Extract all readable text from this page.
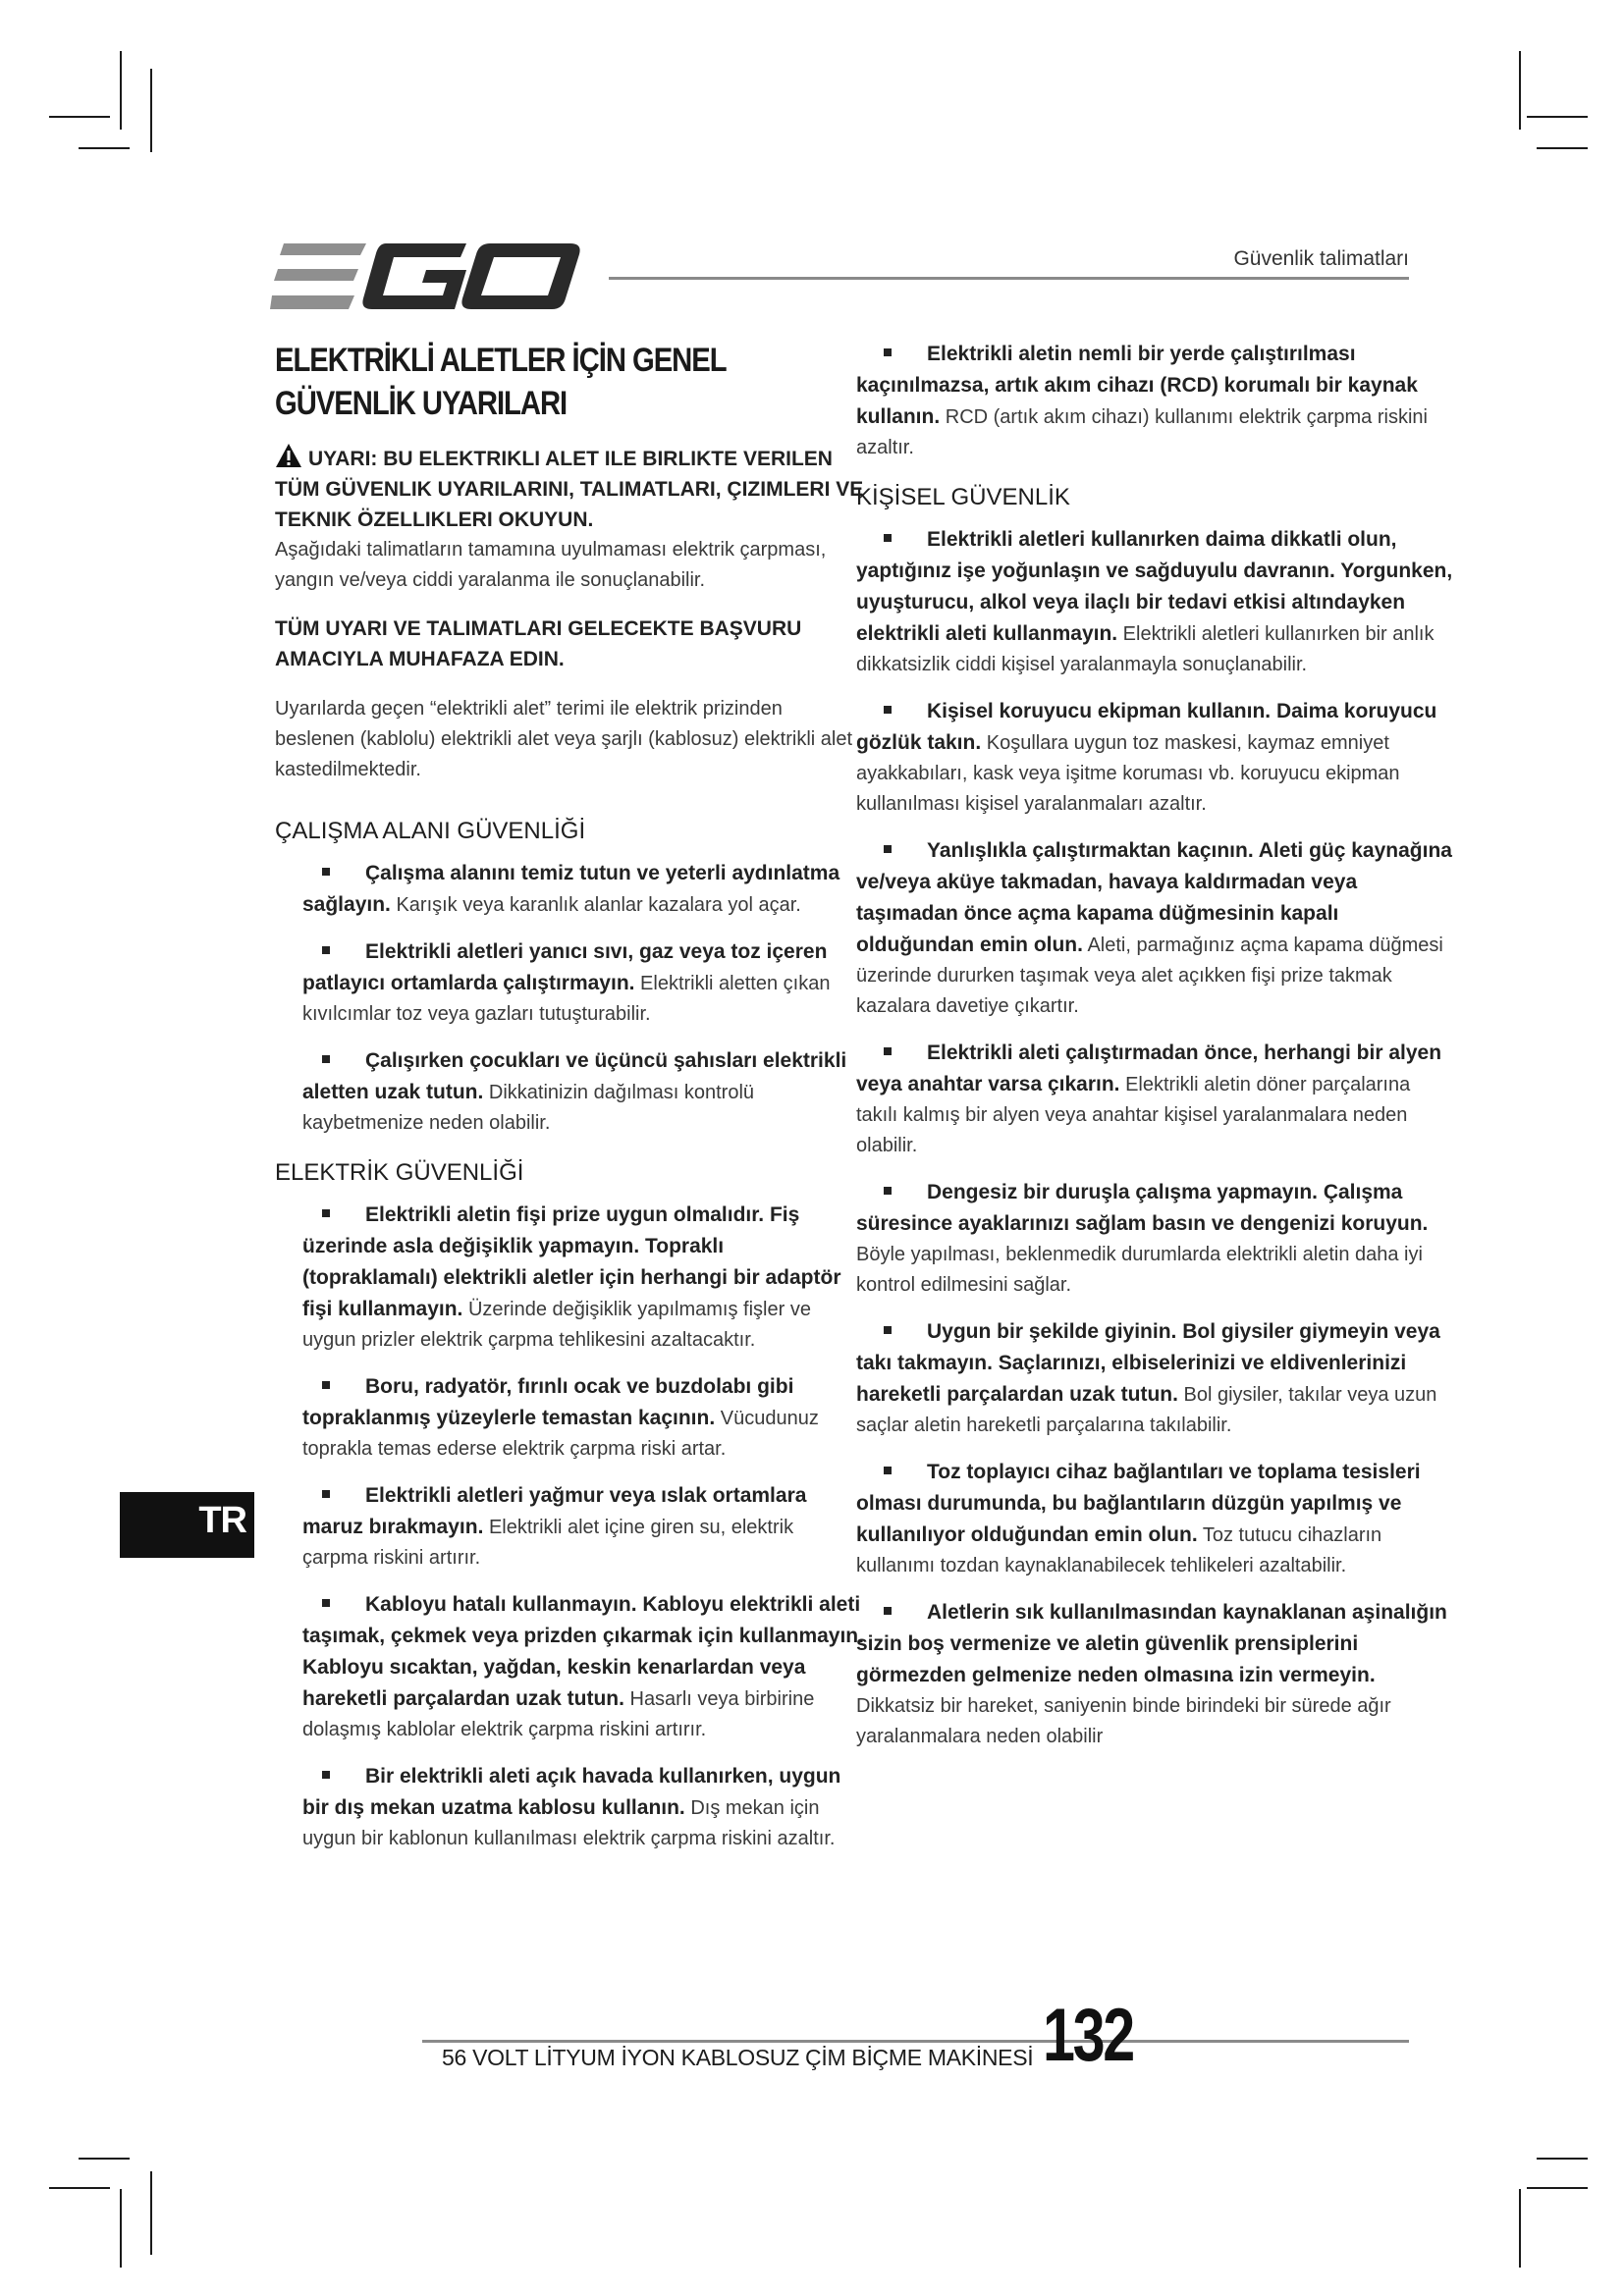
Güvenlik talimatları
ELEKTRİKLİ ALETLER İÇİN GENEL GÜVENLİK UYARILARI
UYARI: BU ELEKTRIKLI ALET ILE BIRLIKTE VERILEN TÜM GÜVENLIK UYARILARINI, TALIMATLARI, ÇIZIMLERI VE TEKNIK ÖZELLIKLERI OKUYUN.

Aşağıdaki talimatların tamamına uyulmaması elektrik çarpması, yangın ve/veya ciddi yaralanma ile sonuçlanabilir.

TÜM UYARI VE TALIMATLARI GELECEKTE BAŞVURU AMACIYLA MUHAFAZA EDIN.

Uyarılarda geçen “elektrikli alet” terimi ile elektrik prizinden beslenen (kablolu) elektrikli alet veya şarjlı (kablosuz) elektrikli alet kastedilmektedir.

ÇALIŞMA ALANI GÜVENLİĞİ
Çalışma alanını temiz tutun ve yeterli aydınlatma sağlayın. Karışık veya karanlık alanlar kazalara yol açar.
Elektrikli aletleri yanıcı sıvı, gaz veya toz içeren patlayıcı ortamlarda çalıştırmayın. Elektrikli aletten çıkan kıvılcımlar toz veya gazları tutuşturabilir.
Çalışırken çocukları ve üçüncü şahısları elektrikli aletten uzak tutun. Dikkatinizin dağılması kontrolü kaybetmenize neden olabilir.
ELEKTRİK GÜVENLİĞİ
Elektrikli aletin fişi prize uygun olmalıdır. Fiş üzerinde asla değişiklik yapmayın. Topraklı (topraklamalı) elektrikli aletler için herhangi bir adaptör fişi kullanmayın. Üzerinde değişiklik yapılmamış fişler ve uygun prizler elektrik çarpma tehlikesini azaltacaktır.
Boru, radyatör, fırınlı ocak ve buzdolabı gibi topraklanmış yüzeylerle temastan kaçının. Vücudunuz toprakla temas ederse elektrik çarpma riski artar.
Elektrikli aletleri yağmur veya ıslak ortamlara maruz bırakmayın. Elektrikli alet içine giren su, elektrik çarpma riskini artırır.
Kabloyu hatalı kullanmayın. Kabloyu elektrikli aleti taşımak, çekmek veya prizden çıkarmak için kullanmayın. Kabloyu sıcaktan, yağdan, keskin kenarlardan veya hareketli parçalardan uzak tutun. Hasarlı veya birbirine dolaşmış kablolar elektrik çarpma riskini artırır.
Bir elektrikli aleti açık havada kullanırken, uygun bir dış mekan uzatma kablosu kullanın. Dış mekan için uygun bir kablonun kullanılması elektrik çarpma riskini azaltır.
Elektrikli aletin nemli bir yerde çalıştırılması kaçınılmazsa, artık akım cihazı (RCD) korumalı bir kaynak kullanın. RCD (artık akım cihazı) kullanımı elektrik çarpma riskini azaltır.
KİŞİSEL GÜVENLİK
Elektrikli aletleri kullanırken daima dikkatli olun, yaptığınız işe yoğunlaşın ve sağduyulu davranın. Yorgunken, uyuşturucu, alkol veya ilaçlı bir tedavi etkisi altındayken elektrikli aleti kullanmayın. Elektrikli aletleri kullanırken bir anlık dikkatsizlik ciddi kişisel yaralanmayla sonuçlanabilir.
Kişisel koruyucu ekipman kullanın. Daima koruyucu gözlük takın. Koşullara uygun toz maskesi, kaymaz emniyet ayakkabıları, kask veya işitme koruması vb. koruyucu ekipman kullanılması kişisel yaralanmaları azaltır.
Yanlışlıkla çalıştırmaktan kaçının. Aleti güç kaynağına ve/veya aküye takmadan, havaya kaldırmadan veya taşımadan önce açma kapama düğmesinin kapalı olduğundan emin olun. Aleti, parmağınız açma kapama düğmesi üzerinde dururken taşımak veya alet açıkken fişi prize takmak kazalara davetiye çıkartır.
Elektrikli aleti çalıştırmadan önce, herhangi bir alyen veya anahtar varsa çıkarın. Elektrikli aletin döner parçalarına takılı kalmış bir alyen veya anahtar kişisel yaralanmalara neden olabilir.
Dengesiz bir duruşla çalışma yapmayın. Çalışma süresince ayaklarınızı sağlam basın ve dengenizi koruyun. Böyle yapılması, beklenmedik durumlarda elektrikli aletin daha iyi kontrol edilmesini sağlar.
Uygun bir şekilde giyinin. Bol giysiler giymeyin veya takı takmayın. Saçlarınızı, elbiselerinizi ve eldivenlerinizi hareketli parçalardan uzak tutun. Bol giysiler, takılar veya uzun saçlar aletin hareketli parçalarına takılabilir.
Toz toplayıcı cihaz bağlantıları ve toplama tesisleri olması durumunda, bu bağlantıların düzgün yapılmış ve kullanılıyor olduğundan emin olun. Toz tutucu cihazların kullanımı tozdan kaynaklanabilecek tehlikeleri azaltabilir.
Aletlerin sık kullanılmasından kaynaklanan aşinalığın sizin boş vermenize ve aletin güvenlik prensiplerini görmezden gelmenize neden olmasına izin vermeyin. Dikkatsiz bir hareket, saniyenin binde birindeki bir sürede ağır yaralanmalara neden olabilir
TR
56 VOLT LİTYUM İYON KABLOSUZ ÇİM BİÇME MAKİNESİ 132
